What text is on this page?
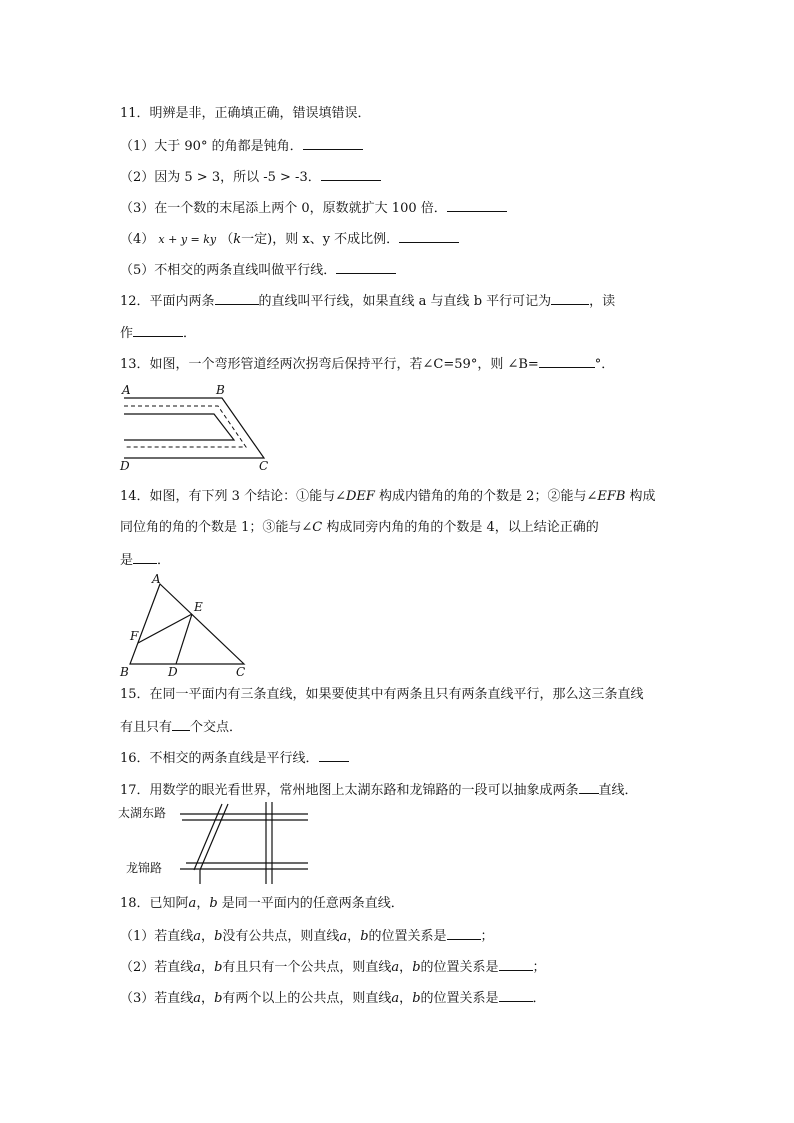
11．明辨是非，正确填正确，错误填错误．
（1）大于 90° 的角都是钝角．
（2）因为 5 > 3，所以 -5 > -3．
（3）在一个数的末尾添上两个 0，原数就扩大 100 倍．
（4） x + y = ky （k一定)，则 x、y 不成比例．
（5）不相交的两条直线叫做平行线．
12．平面内两条	的直线叫平行线，如果直线 a 与直线 b 平行可记为	，读
作	．
13．如图，一个弯形管道经两次拐弯后保持平行，若∠C=59°，则 ∠B=	°．
A	B
D	C
14．如图，有下列 3 个结论：①能与∠DEF 构成内错角的角的个数是 2；②能与∠EFB 构成
同位角的角的个数是 1；③能与∠C 构成同旁内角的角的个数是 4，以上结论正确的
是 ．
A
E
F
B	D	C
15．在同一平面内有三条直线，如果要使其中有两条且只有两条直线平行，那么这三条直线
有且只有 个交点．
16．不相交的两条直线是平行线．
17．用数学的眼光看世界，常州地图上太湖东路和龙锦路的一段可以抽象成两条 直线．
太湖东路
龙锦路
18．已知阿a，b 是同一平面内的任意两条直线．
（1）若直线a，b没有公共点，则直线a，b的位置关系是	；
（2）若直线a，b有且只有一个公共点，则直线a，b的位置关系是	；
（3）若直线a，b有两个以上的公共点，则直线a，b的位置关系是	．
